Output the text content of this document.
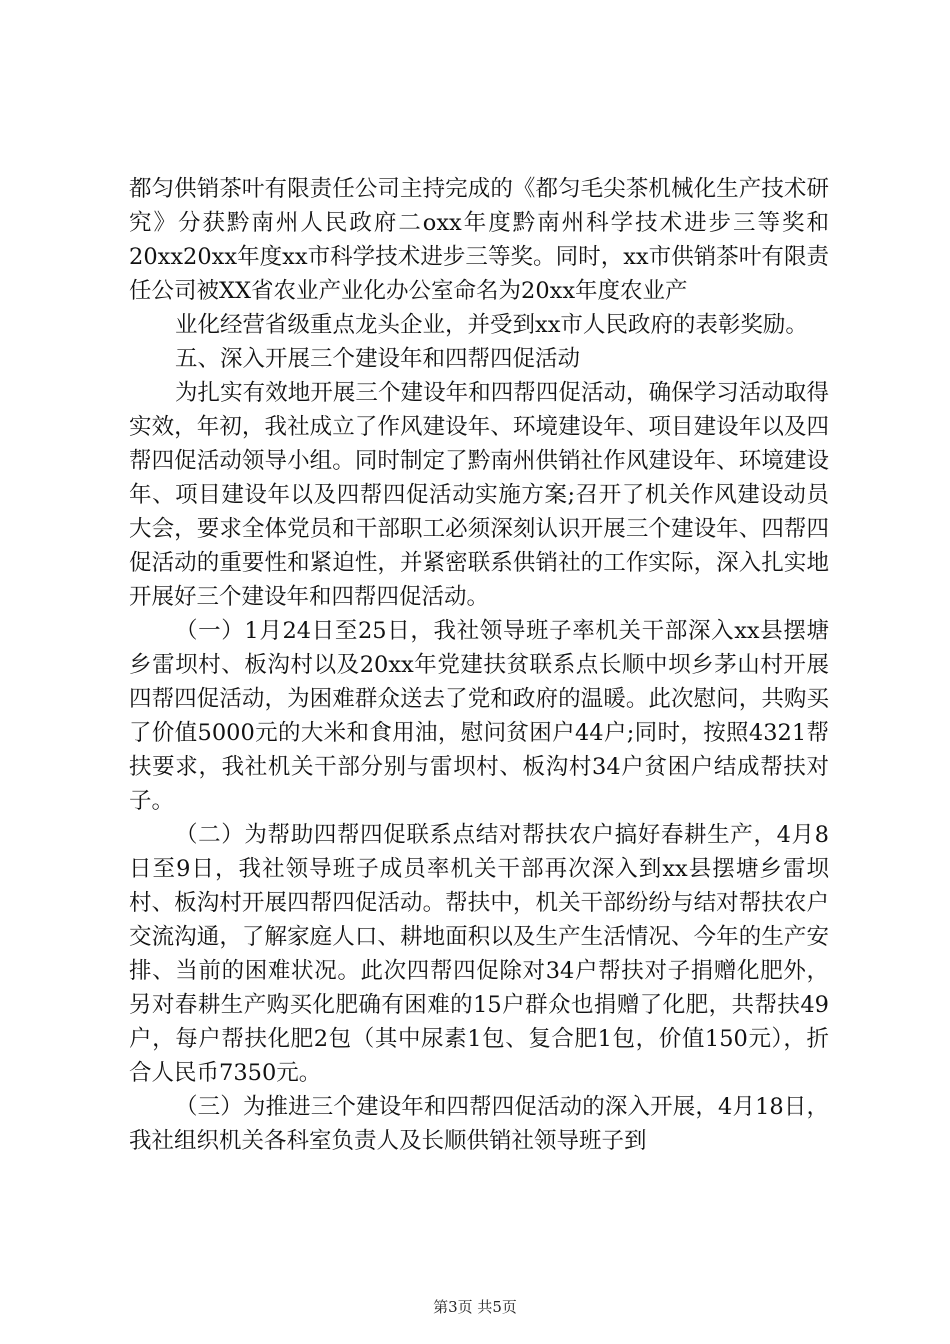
都匀供销茶叶有限责任公司主持完成的《都匀毛尖茶机械化生产技术研究》分获黔南州人民政府二oxx年度黔南州科学技术进步三等奖和20xx20xx年度xx市科学技术进步三等奖。同时，xx市供销茶叶有限责任公司被XX省农业产业化办公室命名为20xx年度农业产

业化经营省级重点龙头企业，并受到xx市人民政府的表彰奖励。

五、深入开展三个建设年和四帮四促活动

为扎实有效地开展三个建设年和四帮四促活动，确保学习活动取得实效，年初，我社成立了作风建设年、环境建设年、项目建设年以及四帮四促活动领导小组。同时制定了黔南州供销社作风建设年、环境建设年、项目建设年以及四帮四促活动实施方案;召开了机关作风建设动员大会，要求全体党员和干部职工必须深刻认识开展三个建设年、四帮四促活动的重要性和紧迫性，并紧密联系供销社的工作实际，深入扎实地开展好三个建设年和四帮四促活动。

（一）1月24日至25日，我社领导班子率机关干部深入xx县摆塘乡雷坝村、板沟村以及20xx年党建扶贫联系点长顺中坝乡茅山村开展四帮四促活动，为困难群众送去了党和政府的温暖。此次慰问，共购买了价值5000元的大米和食用油，慰问贫困户44户;同时，按照4321帮扶要求，我社机关干部分别与雷坝村、板沟村34户贫困户结成帮扶对子。

（二）为帮助四帮四促联系点结对帮扶农户搞好春耕生产，4月8日至9日，我社领导班子成员率机关干部再次深入到xx县摆塘乡雷坝村、板沟村开展四帮四促活动。帮扶中，机关干部纷纷与结对帮扶农户交流沟通，了解家庭人口、耕地面积以及生产生活情况、今年的生产安排、当前的困难状况。此次四帮四促除对34户帮扶对子捐赠化肥外，另对春耕生产购买化肥确有困难的15户群众也捐赠了化肥，共帮扶49户，每户帮扶化肥2包（其中尿素1包、复合肥1包，价值150元），折合人民币7350元。

（三）为推进三个建设年和四帮四促活动的深入开展，4月18日，我社组织机关各科室负责人及长顺供销社领导班子到

第3页 共5页
